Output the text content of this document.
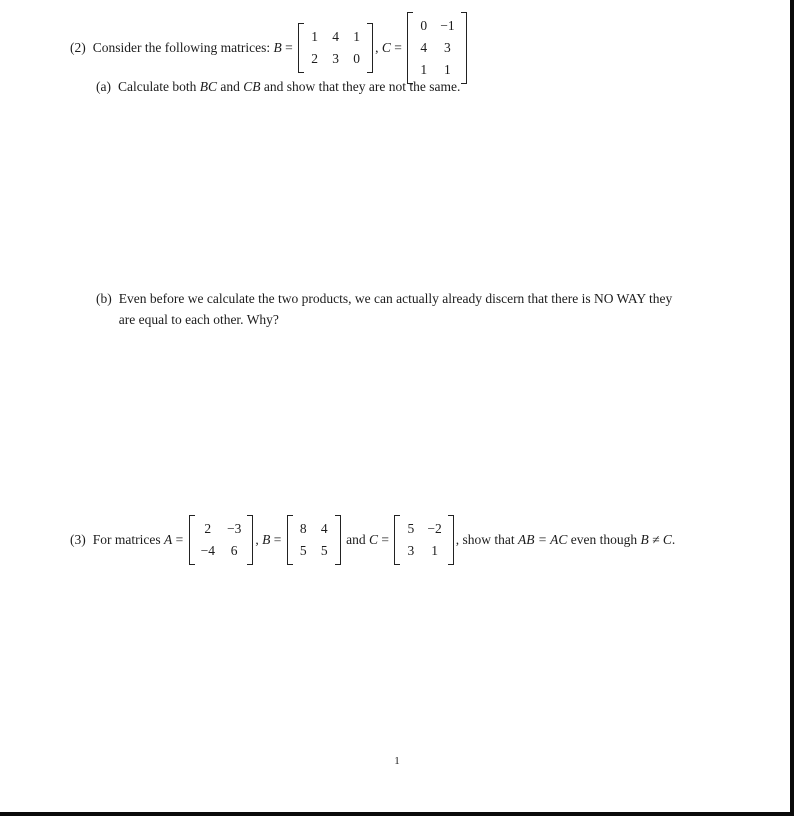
(2) Consider the following matrices: B =
1 4 1
2 3 0
, C =
0 −1
4 3
1 1
(a) Calculate both BC and CB and show that they are not the same.
(b) Even before we calculate the two products, we can actually already discern that there is NO WAY they
are equal to each other. Why?
(3) For matrices A =
2 −3
−4 6
, B =
8 4
5 5
and C =
5 −2
3 1
, show that AB = AC even though B ≠ C .
1
